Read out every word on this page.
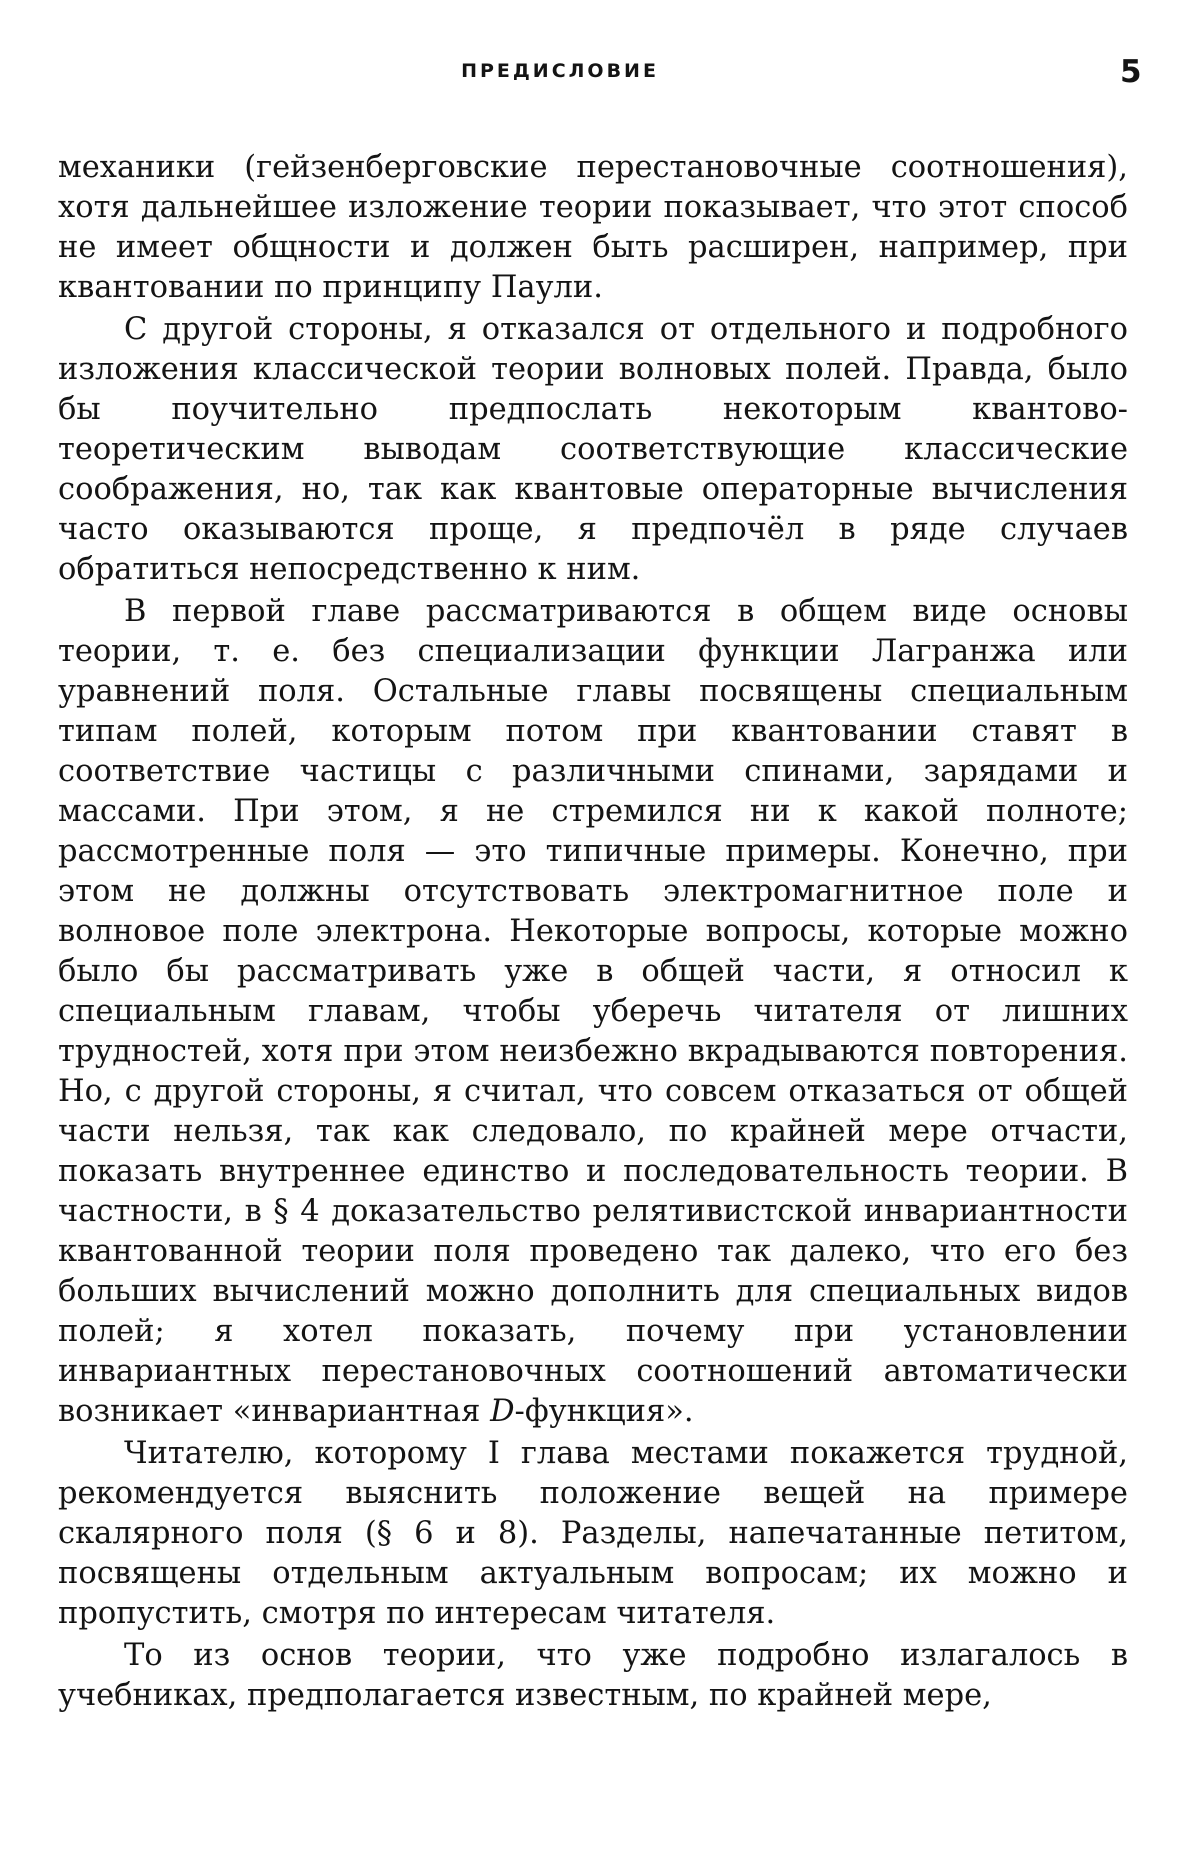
ПРЕДИСЛОВИЕ	5

механики (гейзенберговские перестановочные соотношения), хотя дальнейшее изложение теории показывает, что этот способ не имеет общности и должен быть расширен, например, при квантовании по принципу Паули.

С другой стороны, я отказался от отдельного и подробного изложения классической теории волновых полей. Правда, было бы поучительно предпослать некоторым квантово-теоретическим выводам соответствующие классические соображения, но, так как квантовые операторные вычисления часто оказываются проще, я предпочёл в ряде случаев обратиться непосредственно к ним.

В первой главе рассматриваются в общем виде основы теории, т. е. без специализации функции Лагранжа или уравнений поля. Остальные главы посвящены специальным типам полей, которым потом при квантовании ставят в соответствие частицы с различными спинами, зарядами и массами. При этом, я не стремился ни к какой полноте; рассмотренные поля — это типичные примеры. Конечно, при этом не должны отсутствовать электромагнитное поле и волновое поле электрона. Некоторые вопросы, которые можно было бы рассматривать уже в общей части, я относил к специальным главам, чтобы уберечь читателя от лишних трудностей, хотя при этом неизбежно вкрадываются повторения. Но, с другой стороны, я считал, что совсем отказаться от общей части нельзя, так как следовало, по крайней мере отчасти, показать внутреннее единство и последовательность теории. В частности, в § 4 доказательство релятивистской инвариантности квантованной теории поля проведено так далеко, что его без больших вычислений можно дополнить для специальных видов полей; я хотел показать, почему при установлении инвариантных перестановочных соотношений автоматически возникает «инвариантная D-функция».

Читателю, которому I глава местами покажется трудной, рекомендуется выяснить положение вещей на примере скалярного поля (§ 6 и 8). Разделы, напечатанные петитом, посвящены отдельным актуальным вопросам; их можно и пропустить, смотря по интересам читателя.

То из основ теории, что уже подробно излагалось в учебниках, предполагается известным, по крайней мере,
